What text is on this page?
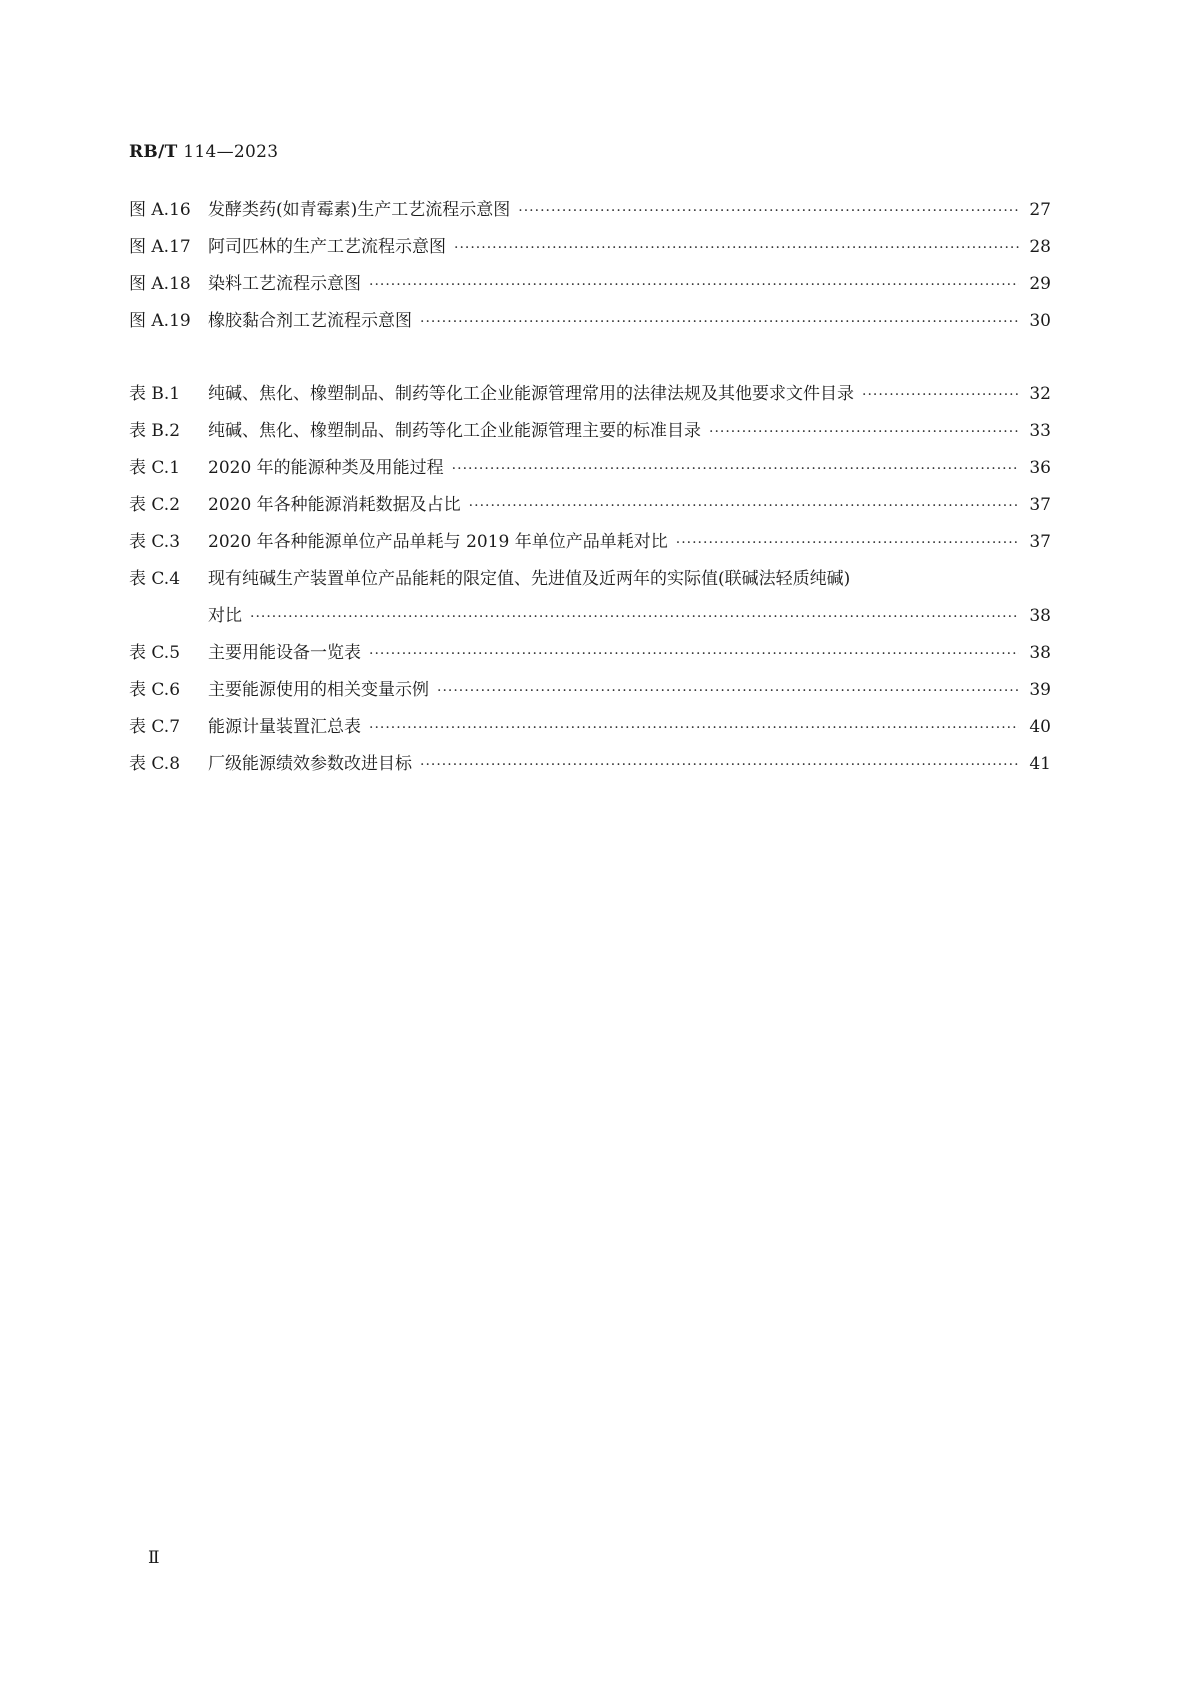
RB/T 114—2023
图 A.16	发酵类药(如青霉素)生产工艺流程示意图 ·····	27
图 A.17	阿司匹林的生产工艺流程示意图 ·····	28
图 A.18	染料工艺流程示意图 ·····	29
图 A.19	橡胶黏合剂工艺流程示意图 ·····	30
表 B.1	纯碱、焦化、橡塑制品、制药等化工企业能源管理常用的法律法规及其他要求文件目录 ·····	32
表 B.2	纯碱、焦化、橡塑制品、制药等化工企业能源管理主要的标准目录 ·····	33
表 C.1	2020 年的能源种类及用能过程 ·····	36
表 C.2	2020 年各种能源消耗数据及占比 ·····	37
表 C.3	2020 年各种能源单位产品单耗与 2019 年单位产品单耗对比 ·····	37
表 C.4	现有纯碱生产装置单位产品能耗的限定值、先进值及近两年的实际值(联碱法轻质纯碱)
对比 ·····	38
表 C.5	主要用能设备一览表 ·····	38
表 C.6	主要能源使用的相关变量示例 ·····	39
表 C.7	能源计量装置汇总表 ·····	40
表 C.8	厂级能源绩效参数改进目标 ·····	41
Ⅱ
